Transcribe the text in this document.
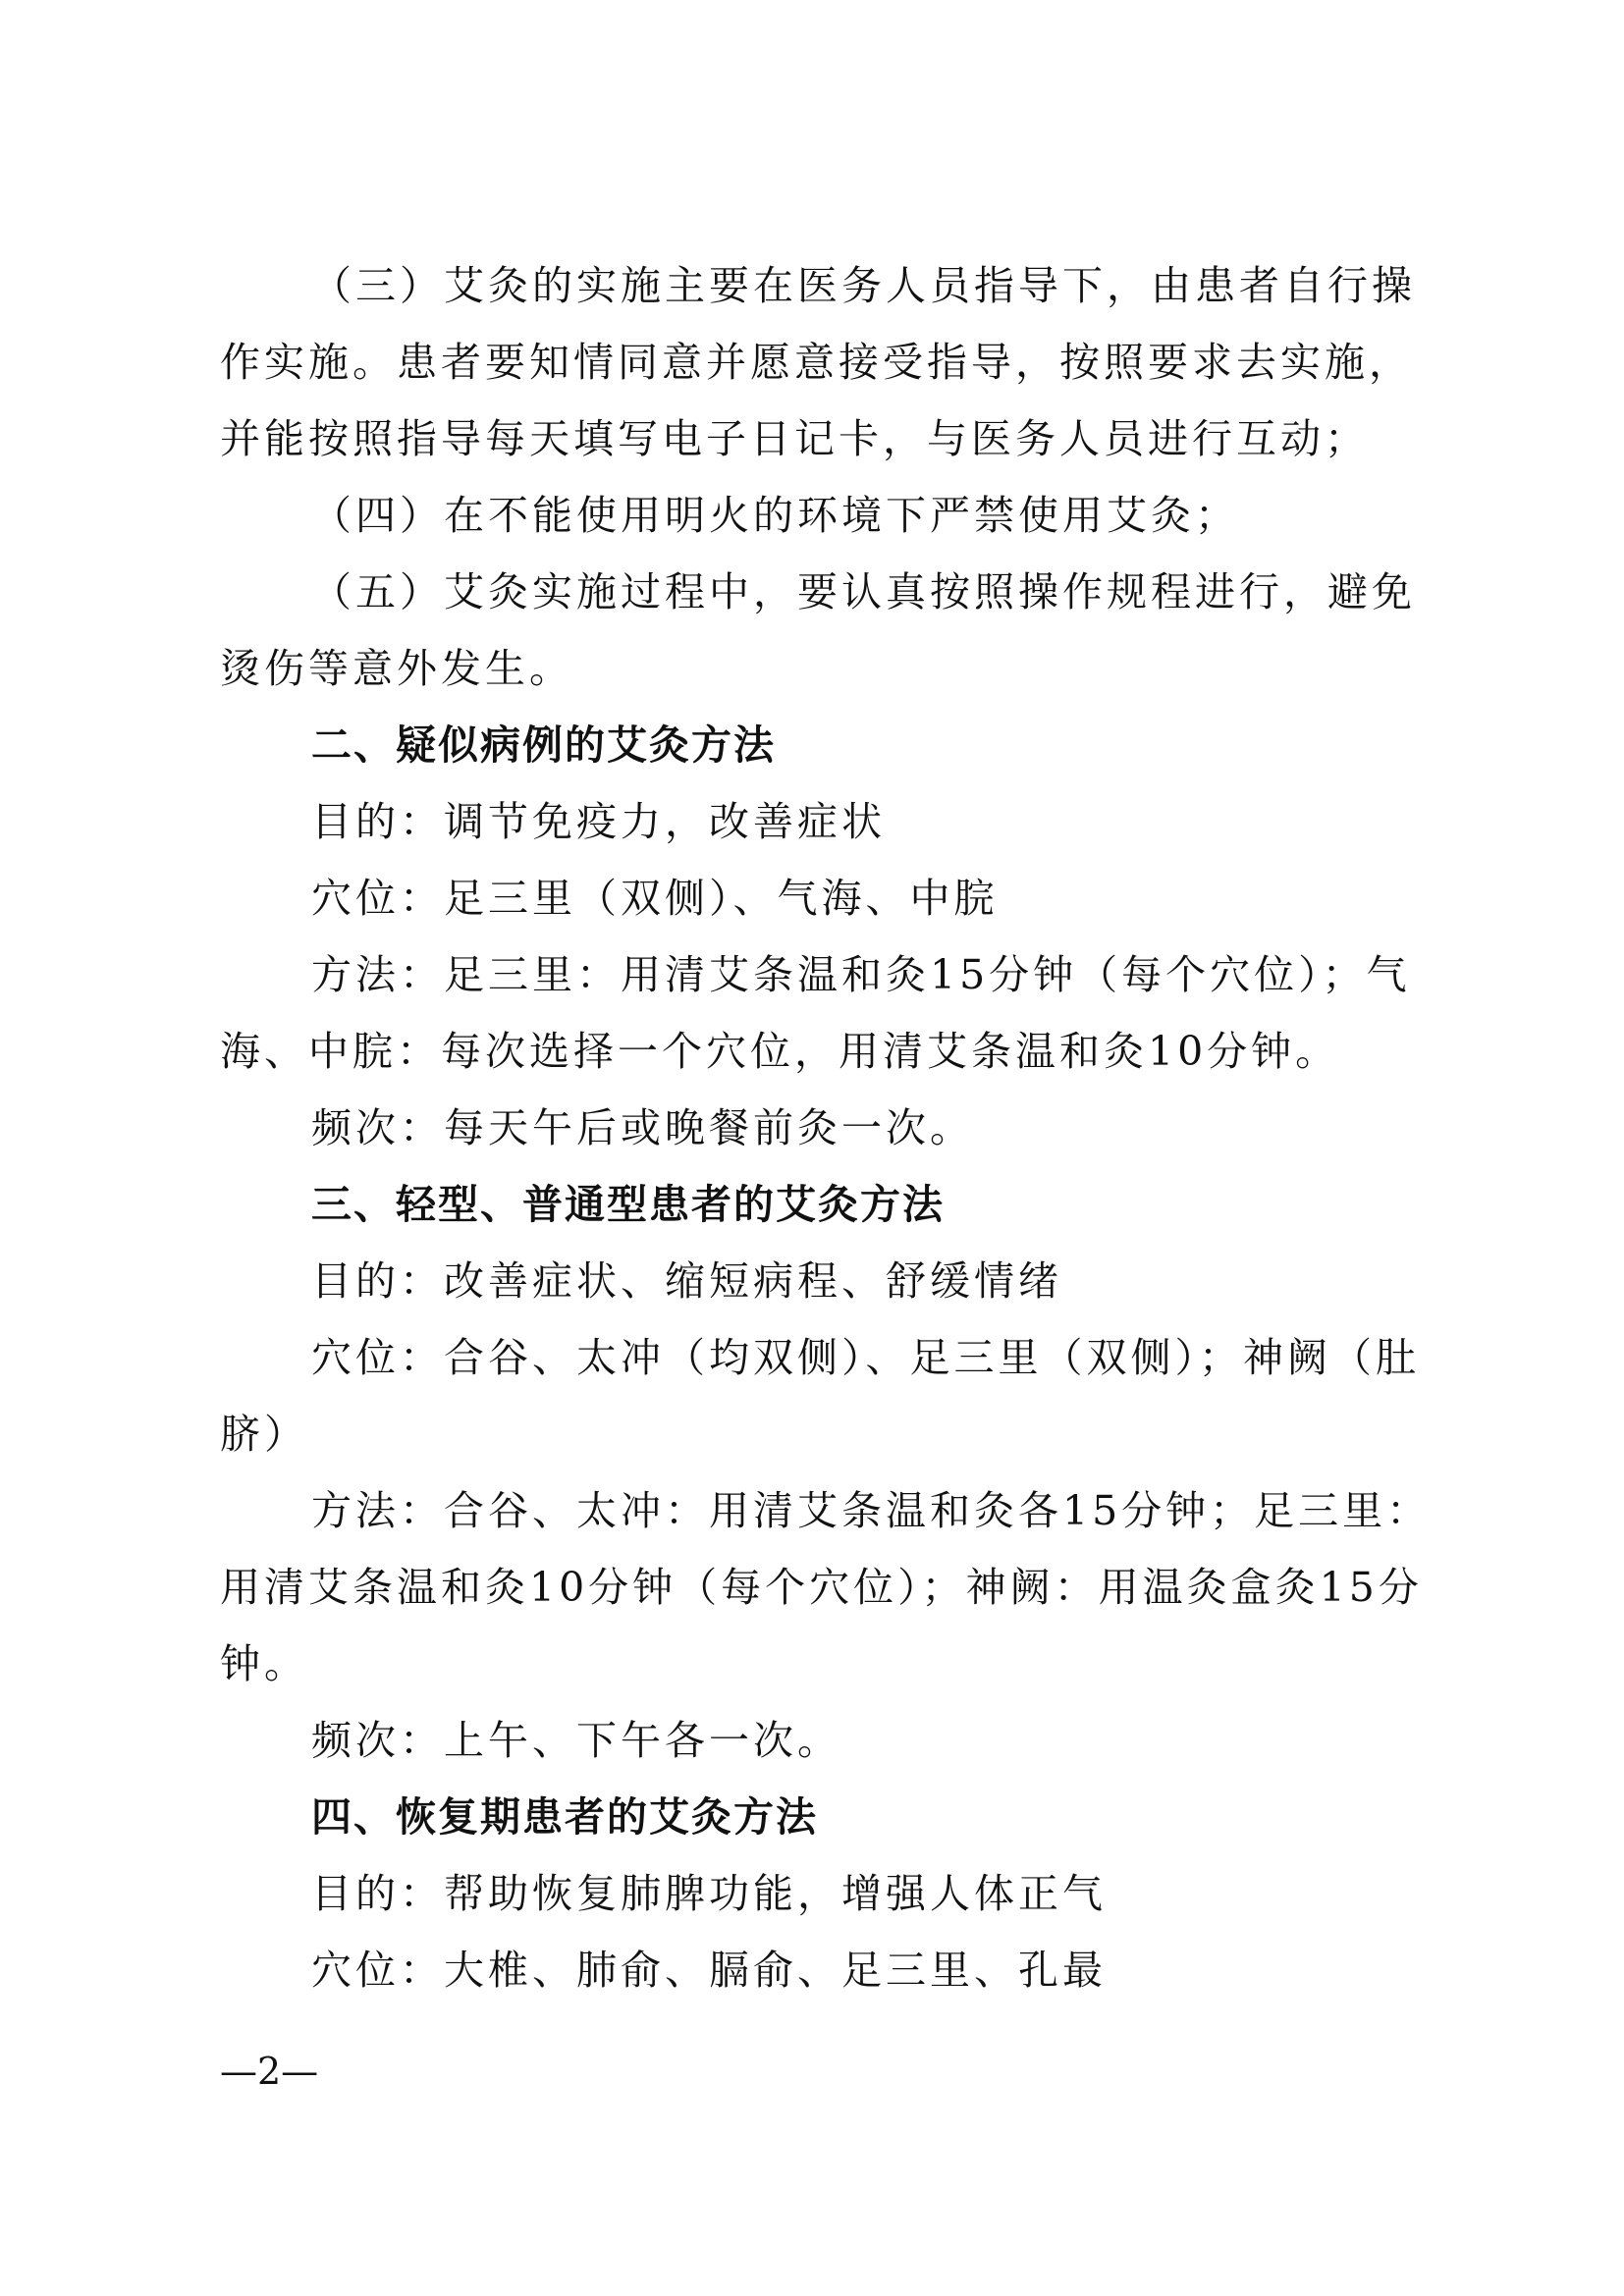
（三）艾灸的实施主要在医务人员指导下，由患者自行操
作实施。患者要知情同意并愿意接受指导，按照要求去实施，
并能按照指导每天填写电子日记卡，与医务人员进行互动；
（四）在不能使用明火的环境下严禁使用艾灸；
（五）艾灸实施过程中，要认真按照操作规程进行，避免
烫伤等意外发生。
二、疑似病例的艾灸方法
目的：调节免疫力，改善症状
穴位：足三里（双侧）、气海、中脘
方法：足三里：用清艾条温和灸15分钟（每个穴位）；气
海、中脘：每次选择一个穴位，用清艾条温和灸10分钟。
频次：每天午后或晚餐前灸一次。
三、轻型、普通型患者的艾灸方法
目的：改善症状、缩短病程、舒缓情绪
穴位：合谷、太冲（均双侧）、足三里（双侧）；神阙（肚
脐）
方法：合谷、太冲：用清艾条温和灸各15分钟；足三里：
用清艾条温和灸10分钟（每个穴位）；神阙：用温灸盒灸15分
钟。
频次：上午、下午各一次。
四、恢复期患者的艾灸方法
目的：帮助恢复肺脾功能，增强人体正气
穴位：大椎、肺俞、膈俞、足三里、孔最
—2—
